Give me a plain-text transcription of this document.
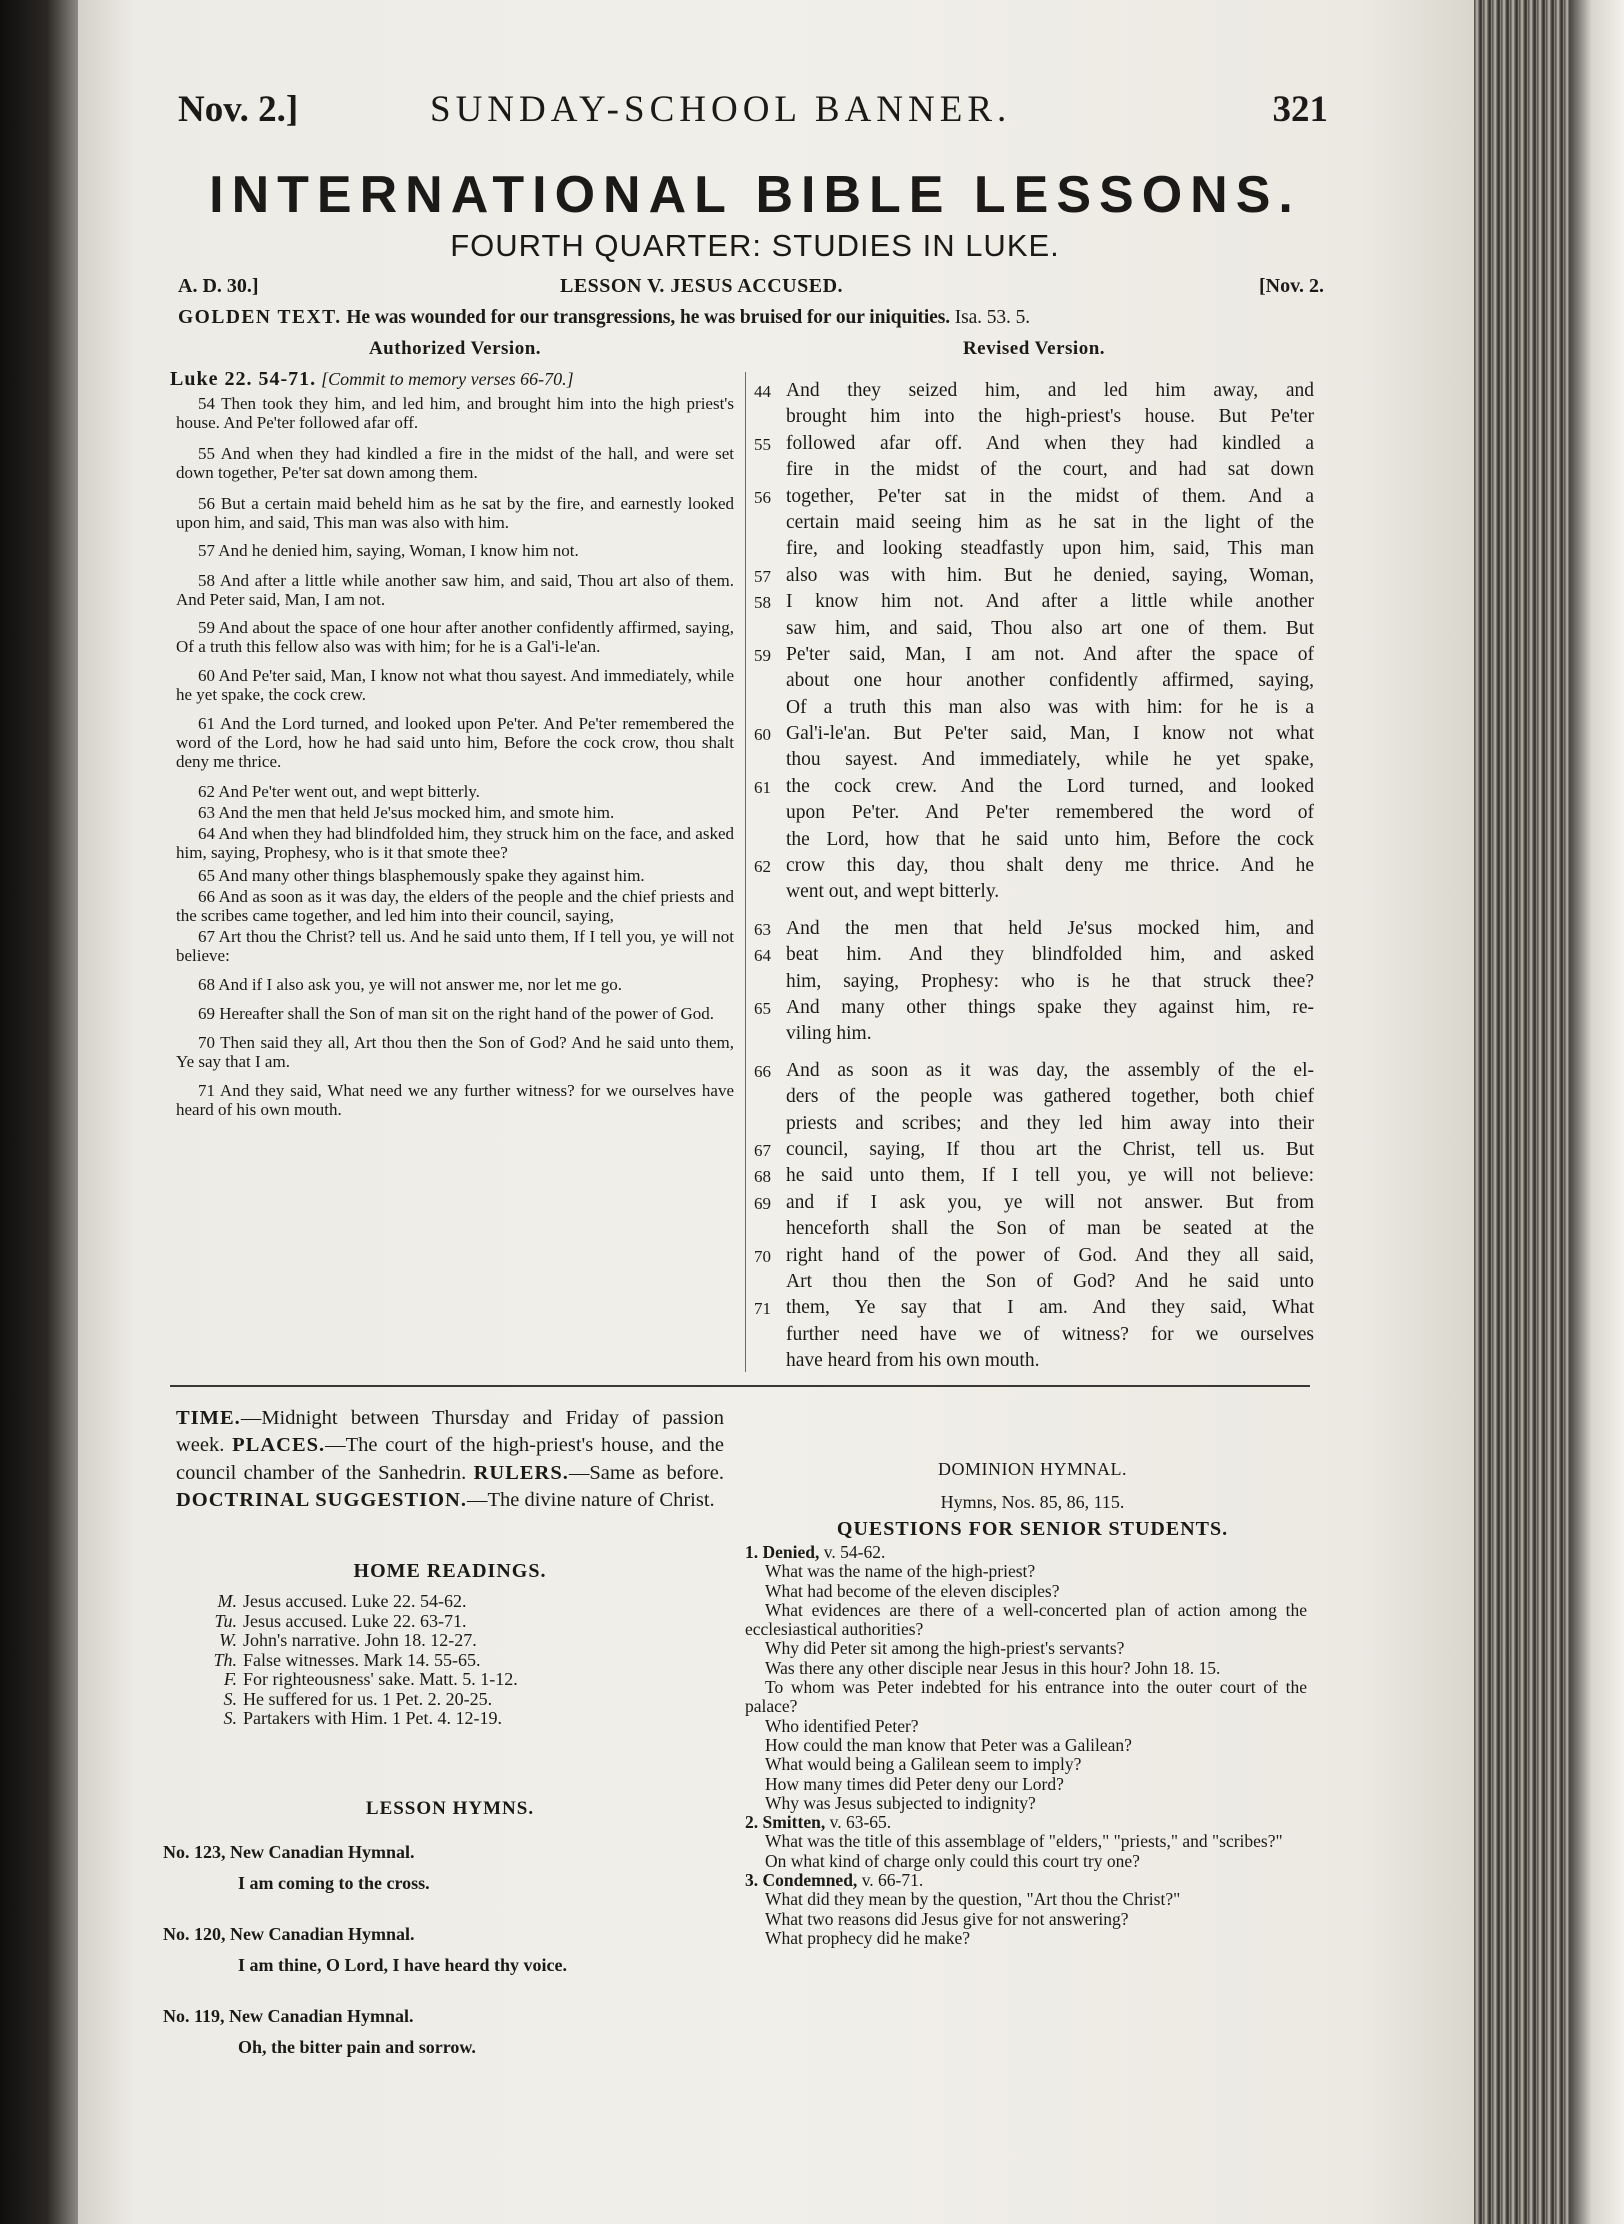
Nov. 2.]	SUNDAY-SCHOOL BANNER.	321
INTERNATIONAL BIBLE LESSONS.
FOURTH QUARTER: STUDIES IN LUKE.
A. D. 30.]	LESSON V. JESUS ACCUSED.	[Nov. 2.
GOLDEN TEXT. He was wounded for our transgressions, he was bruised for our iniquities. Isa. 53. 5.
Authorized Version.	Revised Version.
Luke 22. 54-71. [Commit to memory verses 66-70.]

54 Then took they him, and led him, and brought him into the high priest's house. And Pe'ter followed afar off.

55 And when they had kindled a fire in the midst of the hall, and were set down together, Pe'ter sat down among them.

56 But a certain maid beheld him as he sat by the fire, and earnestly looked upon him, and said, This man was also with him.

57 And he denied him, saying, Woman, I know him not.

58 And after a little while another saw him, and said, Thou art also of them. And Peter said, Man, I am not.

59 And about the space of one hour after another confidently affirmed, saying, Of a truth this fellow also was with him; for he is a Gal'i-le'an.

60 And Pe'ter said, Man, I know not what thou sayest. And immediately, while he yet spake, the cock crew.

61 And the Lord turned, and looked upon Pe'ter. And Pe'ter remembered the word of the Lord, how he had said unto him, Before the cock crow, thou shalt deny me thrice.

62 And Pe'ter went out, and wept bitterly.

63 And the men that held Je'sus mocked him, and smote him.

64 And when they had blindfolded him, they struck him on the face, and asked him, saying, Prophesy, who is it that smote thee?

65 And many other things blasphemously spake they against him.

66 And as soon as it was day, the elders of the people and the chief priests and the scribes came together, and led him into their council, saying,

67 Art thou the Christ? tell us. And he said unto them, If I tell you, ye will not believe:

68 And if I also ask you, ye will not answer me, nor let me go.

69 Hereafter shall the Son of man sit on the right hand of the power of God.

70 Then said they all, Art thou then the Son of God? And he said unto them, Ye say that I am.

71 And they said, What need we any further witness? for we ourselves have heard of his own mouth.

44 And they seized him, and led him away, and
brought him into the high-priest's house. But Pe'ter
55 followed afar off. And when they had kindled a
fire in the midst of the court, and had sat down
56 together, Pe'ter sat in the midst of them. And a
certain maid seeing him as he sat in the light of the
fire, and looking steadfastly upon him, said, This man
57 also was with him. But he denied, saying, Woman,
58 I know him not. And after a little while another
saw him, and said, Thou also art one of them. But
59 Pe'ter said, Man, I am not. And after the space of
about one hour another confidently affirmed, saying,
Of a truth this man also was with him: for he is a
60 Gal'i-le'an. But Pe'ter said, Man, I know not what
thou sayest. And immediately, while he yet spake,
61 the cock crew. And the Lord turned, and looked
upon Pe'ter. And Pe'ter remembered the word of
the Lord, how that he said unto him, Before the cock
62 crow this day, thou shalt deny me thrice. And he
went out, and wept bitterly.
63 And the men that held Je'sus mocked him, and
64 beat him. And they blindfolded him, and asked
him, saying, Prophesy: who is he that struck thee?
65 And many other things spake they against him, re-
viling him.
66 And as soon as it was day, the assembly of the el-
ders of the people was gathered together, both chief
priests and scribes; and they led him away into their
67 council, saying, If thou art the Christ, tell us. But
68 he said unto them, If I tell you, ye will not believe:
69 and if I ask you, ye will not answer. But from
henceforth shall the Son of man be seated at the
70 right hand of the power of God. And they all said,
Art thou then the Son of God? And he said unto
71 them, Ye say that I am. And they said, What
further need have we of witness? for we ourselves
have heard from his own mouth.
TIME.—Midnight between Thursday and Friday of passion week. PLACES.—The court of the high-priest's house, and the council chamber of the Sanhedrin. RULERS.—Same as before. DOCTRINAL SUGGESTION.—The divine nature of Christ.
HOME READINGS.
M. Jesus accused. Luke 22. 54-62.
Tu. Jesus accused. Luke 22. 63-71.
W. John's narrative. John 18. 12-27.
Th. False witnesses. Mark 14. 55-65.
F. For righteousness' sake. Matt. 5. 1-12.
S. He suffered for us. 1 Pet. 2. 20-25.
S. Partakers with Him. 1 Pet. 4. 12-19.
LESSON HYMNS.
No. 123, New Canadian Hymnal.
I am coming to the cross.
No. 120, New Canadian Hymnal.
I am thine, O Lord, I have heard thy voice.
No. 119, New Canadian Hymnal.
Oh, the bitter pain and sorrow.
DOMINION HYMNAL.
Hymns, Nos. 85, 86, 115.
QUESTIONS FOR SENIOR STUDENTS.
1. Denied, v. 54-62.
What was the name of the high-priest?
What had become of the eleven disciples?
What evidences are there of a well-concerted plan of action among the ecclesiastical authorities?
Why did Peter sit among the high-priest's servants?
Was there any other disciple near Jesus in this hour? John 18. 15.
To whom was Peter indebted for his entrance into the outer court of the palace?
Who identified Peter?
How could the man know that Peter was a Galilean?
What would being a Galilean seem to imply?
How many times did Peter deny our Lord?
Why was Jesus subjected to indignity?
2. Smitten, v. 63-65.
What was the title of this assemblage of "elders," "priests," and "scribes?"
On what kind of charge only could this court try one?
3. Condemned, v. 66-71.
What did they mean by the question, "Art thou the Christ?"
What two reasons did Jesus give for not answering?
What prophecy did he make?
